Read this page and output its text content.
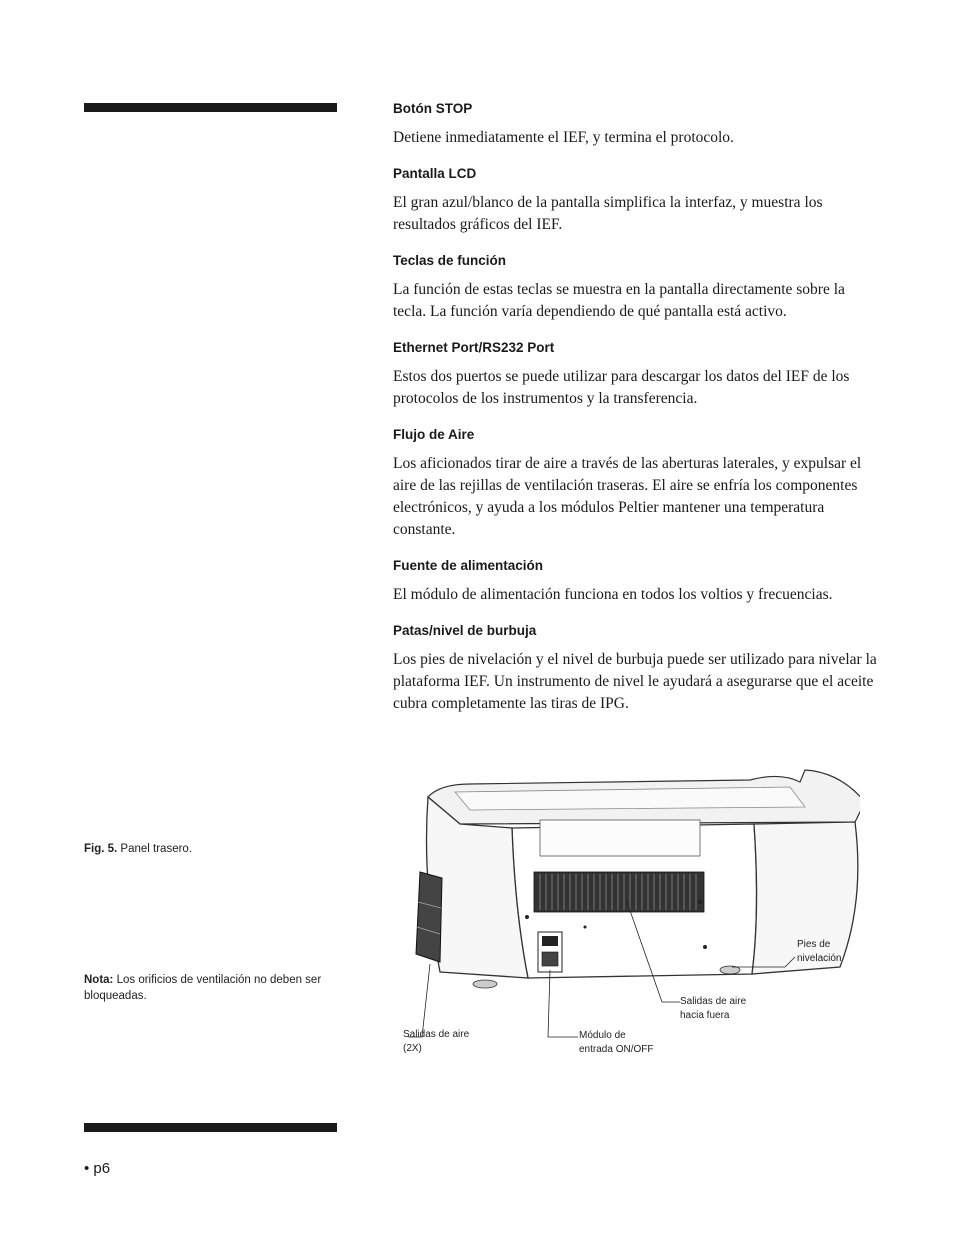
Botón STOP
Detiene inmediatamente el IEF, y termina el protocolo.
Pantalla LCD
El gran azul/blanco de la pantalla simplifica la interfaz, y muestra los resultados gráficos del IEF.
Teclas de función
La función de estas teclas se muestra en la pantalla directamente sobre la tecla. La función varía dependiendo de qué pantalla está activo.
Ethernet Port/RS232 Port
Estos dos puertos se puede utilizar para descargar los datos del IEF de los protocolos de los instrumentos y la transferencia.
Flujo de Aire
Los aficionados tirar de aire a través de las aberturas laterales, y expulsar el aire de las rejillas de ventilación traseras. El aire se enfría los componentes electrónicos, y ayuda a los módulos Peltier mantener una temperatura constante.
Fuente de alimentación
El módulo de alimentación funciona en todos los voltios y frecuencias.
Patas/nivel de burbuja
Los pies de nivelación y el nivel de burbuja puede ser utilizado para nivelar la plataforma IEF. Un instrumento de nivel le ayudará a asegurarse que el aceite cubra completamente las tiras de IPG.
Fig. 5. Panel trasero.
Nota: Los orificios de ventilación no deben ser bloqueadas.
Pies de
nivelación
Salidas de aire
hacia fuera
Salidas de aire
(2X)
Módulo de
entrada ON/OFF
• p6
